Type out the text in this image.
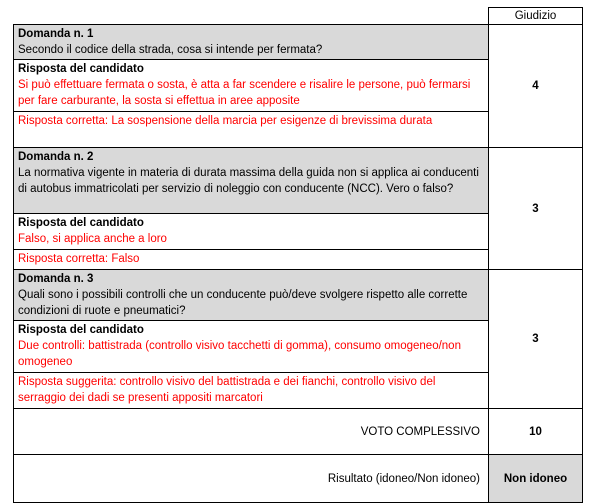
	Giudizio

Domanda n. 1
Secondo il codice della strada, cosa si intende per fermata?	4

Risposta del candidato
Si può effettuare fermata o sosta, è atta a far scendere e risalire le persone, può fermarsi per fare carburante, la sosta si effettua in aree apposite	
Risposta corretta: La sospensione della marcia per esigenze di brevissima durata	

Domanda n. 2
La normativa vigente in materia di durata massima della guida non si applica ai conducenti di autobus immatricolati per servizio di noleggio con conducente (NCC). Vero o falso?	3

Risposta del candidato
Falso, si applica anche a loro	
Risposta corretta: Falso	

Domanda n. 3
Quali sono i possibili controlli che un conducente può/deve svolgere rispetto alle corrette condizioni di ruote e pneumatici?	3

Risposta del candidato
Due controlli: battistrada (controllo visivo tacchetti di gomma), consumo omogeneo/non omogeneo	
Risposta suggerita: controllo visivo del battistrada e dei fianchi, controllo visivo del serraggio dei dadi se presenti appositi marcatori	
VOTO COMPLESSIVO	10
Risultato (idoneo/Non idoneo)	Non idoneo
